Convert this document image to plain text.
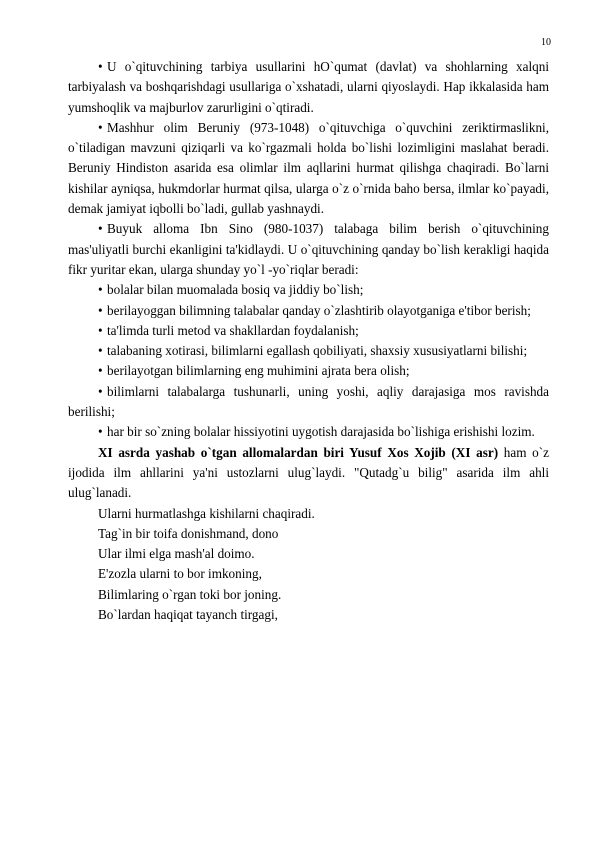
10

• U o`qituvchining tarbiya usullarini hO`qumat (davlat) va shohlarning xalqni tarbiyalash va boshqarishdagi usullariga o`xshatadi, ularni qiyoslaydi. Hap ikkalasida ham yumshoqlik va majburlov zarurligini o`qtiradi.

• Mashhur olim Beruniy (973-1048) o`qituvchiga o`quvchini zeriktirmaslikni, o`tiladigan mavzuni qiziqarli va ko`rgazmali holda bo`lishi lozimligini maslahat beradi. Beruniy Hindiston asarida esa olimlar ilm aqllarini hurmat qilishga chaqiradi. Bo`larni kishilar ayniqsa, hukmdorlar hurmat qilsa, ularga o`z o`rnida baho bersa, ilmlar ko`payadi, demak jamiyat iqbolli bo`ladi, gullab yashnaydi.

• Buyuk alloma Ibn Sino (980-1037) talabaga bilim berish o`qituvchining mas'uliyatli burchi ekanligini ta'kidlaydi. U o`qituvchining qanday bo`lish kerakligi haqida fikr yuritar ekan, ularga shunday yo`l -yo`riqlar beradi:

• bolalar bilan muomalada bosiq va jiddiy bo`lish;

• berilayoggan bilimning talabalar qanday o`zlashtirib olayotganiga e'tibor berish;

• ta'limda turli metod va shakllardan foydalanish;

• talabaning xotirasi, bilimlarni egallash qobiliyati, shaxsiy xususiyatlarni bilishi;

• berilayotgan bilimlarning eng muhimini ajrata bera olish;

• bilimlarni talabalarga tushunarli, uning yoshi, aqliy darajasiga mos ravishda berilishi;

• har bir so`zning bolalar hissiyotini uygotish darajasida bo`lishiga erishishi lozim.

XI asrda yashab o`tgan allomalardan biri Yusuf Xos Xojib (XI asr) ham o`z ijodida ilm ahllarini ya'ni ustozlarni ulug`laydi. "Qutadg`u bilig" asarida ilm ahli ulug`lanadi.

Ularni hurmatlashga kishilarni chaqiradi.

Tag`in bir toifa donishmand, dono

Ular ilmi elga mash'al doimo.

E'zozla ularni to bor imkoning,

Bilimlaring o`rgan toki bor joning.

Bo`lardan haqiqat tayanch tirgagi,
